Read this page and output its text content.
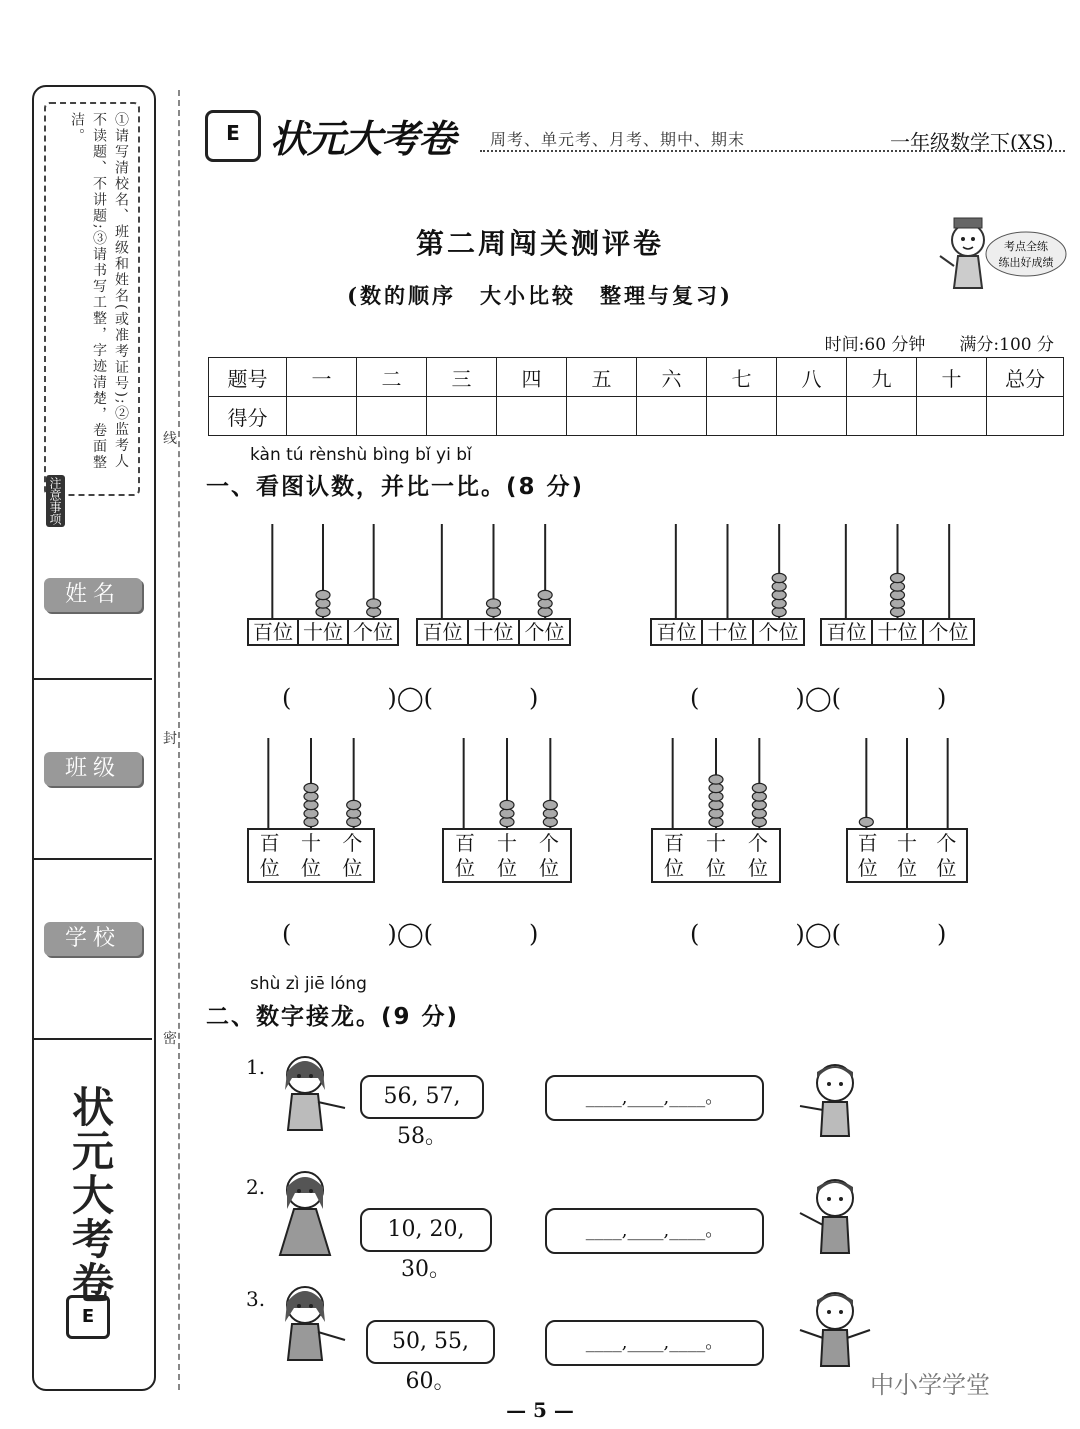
①请写清校名、班级和姓名(或准考证号);②监考人不读题、不讲题;③请书写工整，字迹清楚，卷面整洁。
注意事项
姓名
班级
学校
状元大考卷
E
线
封
密
E 状元大考卷 周考、单元考、月考、期中、期末	一年级数学下(XS)
第二周闯关测评卷
(数的顺序　大小比较　整理与复习)
考点全练
练出好成绩
时间:60 分钟　　满分:100 分
题号	一	二	三	四	五	六	七	八	九	十	总分
得分											
kàn tú rènshù bìng bǐ yi bǐ
一、看图认数，并比一比。(8 分)
百位 十位 个位 百位 十位 个位	百位 十位 个位 百位 十位 个位
百
位
十
位
个
位
百
位
十
位
个
位
百
位
十
位
个
位
百
位
十
位
个
位
(　　　　)◯(　　　　)	(　　　　)◯(　　　　)
(　　　　)◯(　　　　)	(　　　　)◯(　　　　)
shù zì jiē lóng
二、数字接龙。(9 分)
1.
2.
3.
56, 57, 58。
10, 20, 30。
50, 55, 60。
____,____,____。
____,____,____。
____,____,____。
中小学学堂
— 5 —
